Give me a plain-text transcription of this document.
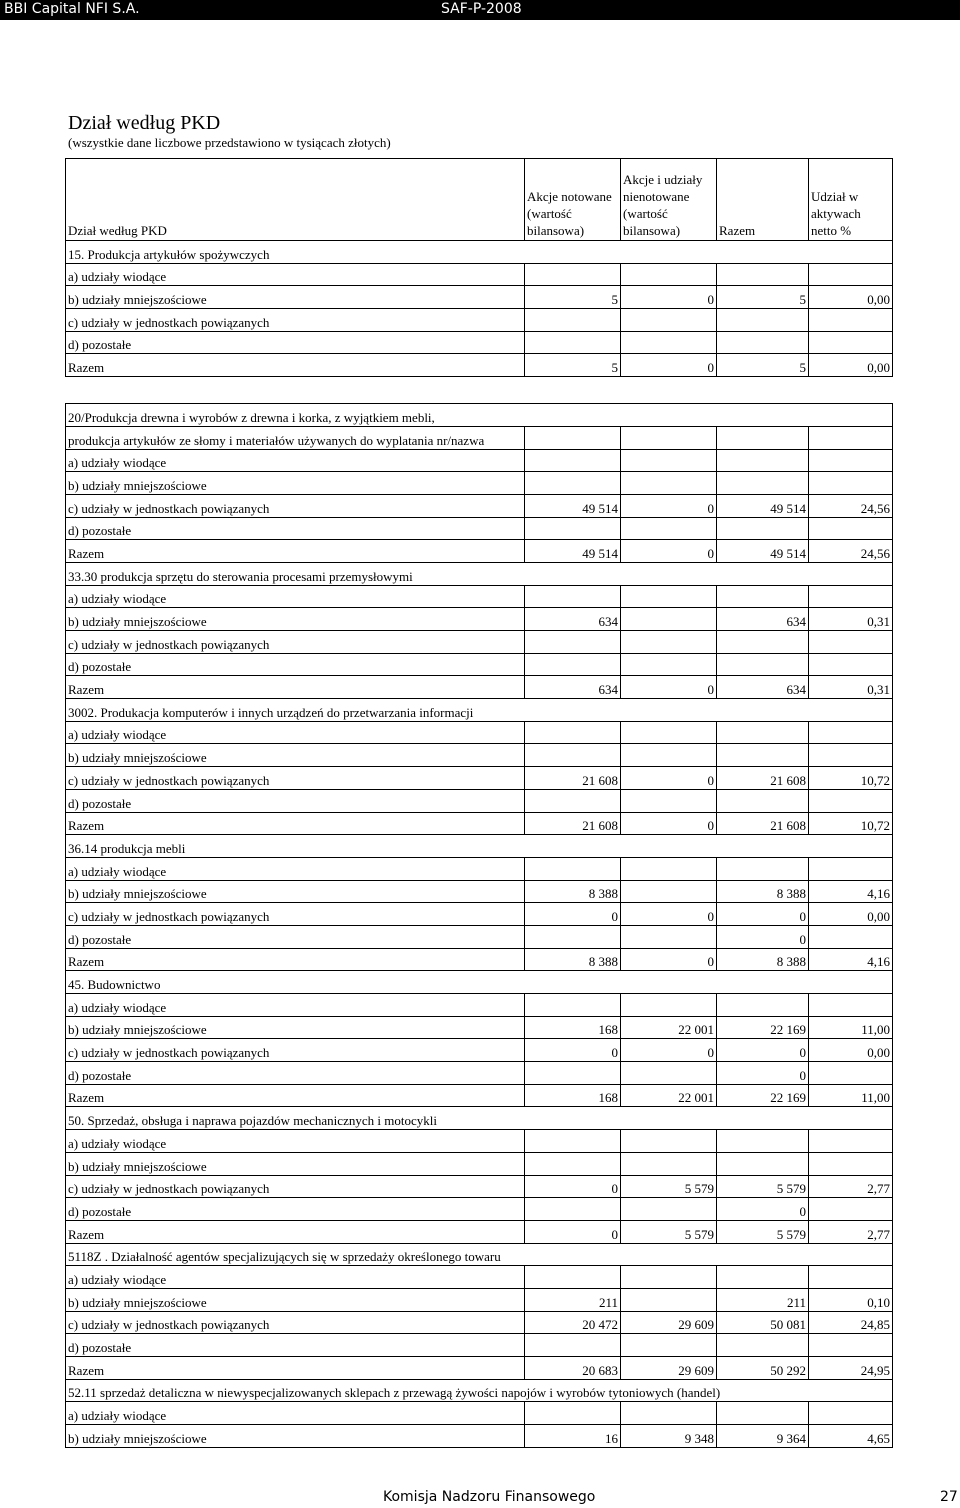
BBI Capital NFI S.A.	SAF-P-2008
Dział według PKD
(wszystkie dane liczbowe przedstawiono w tysiącach złotych)
Dział według PKD	Akcje notowane (wartość bilansowa)	Akcje i udziały nienotowane (wartość bilansowa)	Razem	Udział w aktywach netto %
15. Produkcja artykułów spożywczych				
a) udziały wiodące				
b) udziały mniejszościowe	5	0	5	0,00
c) udziały w jednostkach powiązanych				
d) pozostałe				
Razem	5	0	5	0,00

20/Produkcja drewna i wyrobów z drewna i korka, z wyjątkiem mebli,				
produkcja artykułów ze słomy i materiałów używanych do wyplatania nr/nazwa				
a) udziały wiodące				
b) udziały mniejszościowe				
c) udziały w jednostkach powiązanych	49 514	0	49 514	24,56
d) pozostałe				
Razem	49 514	0	49 514	24,56
33.30 produkcja sprzętu do sterowania procesami przemysłowymi				
a) udziały wiodące				
b) udziały mniejszościowe	634		634	0,31
c) udziały w jednostkach powiązanych				
d) pozostałe				
Razem	634	0	634	0,31
3002. Produkacja komputerów i innych urządzeń do przetwarzania informacji				
a) udziały wiodące				
b) udziały mniejszościowe				
c) udziały w jednostkach powiązanych	21 608	0	21 608	10,72
d) pozostałe				
Razem	21 608	0	21 608	10,72
36.14 produkcja mebli				
a) udziały wiodące				
b) udziały mniejszościowe	8 388		8 388	4,16
c) udziały w jednostkach powiązanych	0	0	0	0,00
d) pozostałe			0	
Razem	8 388	0	8 388	4,16
45. Budownictwo				
a) udziały wiodące				
b) udziały mniejszościowe	168	22 001	22 169	11,00
c) udziały w jednostkach powiązanych	0	0	0	0,00
d) pozostałe			0	
Razem	168	22 001	22 169	11,00
50. Sprzedaż, obsługa i naprawa pojazdów mechanicznych i motocykli				
a) udziały wiodące				
b) udziały mniejszościowe				
c) udziały w jednostkach powiązanych	0	5 579	5 579	2,77
d) pozostałe			0	
Razem	0	5 579	5 579	2,77
5118Z . Działalność agentów specjalizujących się w sprzedaży określonego towaru				
a) udziały wiodące				
b) udziały mniejszościowe	211		211	0,10
c) udziały w jednostkach powiązanych	20 472	29 609	50 081	24,85
d) pozostałe				
Razem	20 683	29 609	50 292	24,95
52.11 sprzedaż detaliczna w niewyspecjalizowanych sklepach z przewagą żywości napojów i wyrobów tytoniowych (handel)				
a) udziały wiodące				
b) udziały mniejszościowe	16	9 348	9 364	4,65
Komisja Nadzoru Finansowego	27
